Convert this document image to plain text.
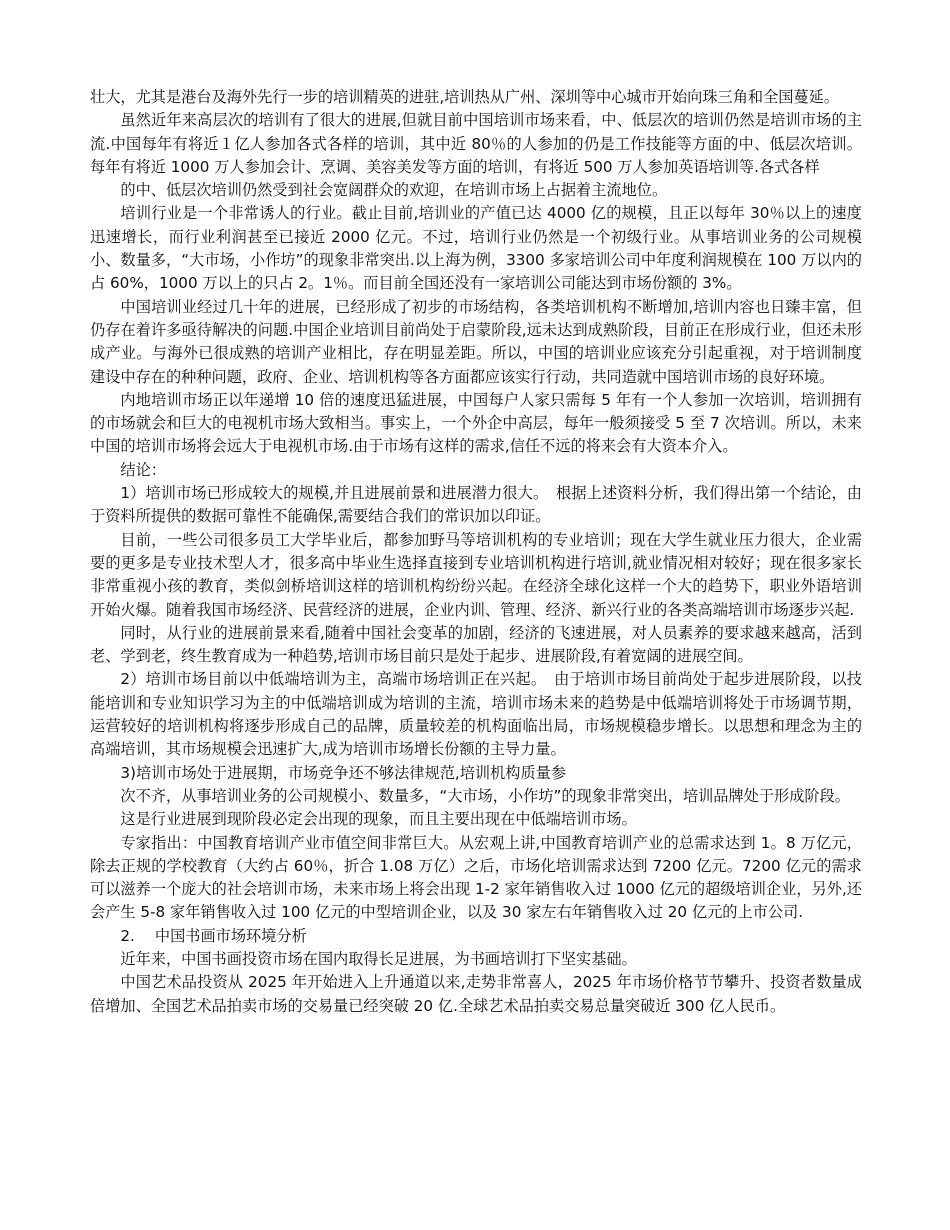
壮大，尤其是港台及海外先行一步的培训精英的进驻,培训热从广州、深圳等中心城市开始向珠三角和全国蔓延。

虽然近年来高层次的培训有了很大的进展,但就目前中国培训市场来看，中、低层次的培训仍然是培训市场的主流.中国每年有将近１亿人参加各式各样的培训，其中近 80％的人参加的仍是工作技能等方面的中、低层次培训。每年有将近 1000 万人参加会计、烹调、美容美发等方面的培训，有将近 500 万人参加英语培训等.各式各样

的中、低层次培训仍然受到社会宽阔群众的欢迎，在培训市场上占据着主流地位。

培训行业是一个非常诱人的行业。截止目前,培训业的产值已达 4000 亿的规模，且正以每年 30％以上的速度迅速增长，而行业利润甚至已接近 2000 亿元。不过，培训行业仍然是一个初级行业。从事培训业务的公司规模小、数量多，“大市场，小作坊”的现象非常突出.以上海为例，3300 多家培训公司中年度利润规模在 100 万以内的占 60%，1000 万以上的只占 2。1％。而目前全国还没有一家培训公司能达到市场份额的 3%。

中国培训业经过几十年的进展，已经形成了初步的市场结构，各类培训机构不断增加,培训内容也日臻丰富，但仍存在着许多亟待解决的问题.中国企业培训目前尚处于启蒙阶段,远未达到成熟阶段，目前正在形成行业，但还未形成产业。与海外已很成熟的培训产业相比，存在明显差距。所以，中国的培训业应该充分引起重视，对于培训制度建设中存在的种种问题，政府、企业、培训机构等各方面都应该实行行动，共同造就中国培训市场的良好环境。

内地培训市场正以年递增 10 倍的速度迅猛进展，中国每户人家只需每 5 年有一个人参加一次培训，培训拥有的市场就会和巨大的电视机市场大致相当。事实上，一个外企中高层，每年一般须接受 5 至 7 次培训。所以，未来中国的培训市场将会远大于电视机市场.由于市场有这样的需求,信任不远的将来会有大资本介入。

结论：

1）培训市场已形成较大的规模,并且进展前景和进展潜力很大。　根据上述资料分析，我们得出第一个结论，由于资料所提供的数据可靠性不能确保,需要结合我们的常识加以印证。

目前，一些公司很多员工大学毕业后，都参加野马等培训机构的专业培训；现在大学生就业压力很大，企业需要的更多是专业技术型人才，很多高中毕业生选择直接到专业培训机构进行培训,就业情况相对较好；现在很多家长非常重视小孩的教育，类似剑桥培训这样的培训机构纷纷兴起。在经济全球化这样一个大的趋势下，职业外语培训开始火爆。随着我国市场经济、民营经济的进展，企业内训、管理、经济、新兴行业的各类高端培训市场逐步兴起.

同时，从行业的进展前景来看,随着中国社会变革的加剧，经济的飞速进展，对人员素养的要求越来越高，活到老、学到老，终生教育成为一种趋势,培训市场目前只是处于起步、进展阶段,有着宽阔的进展空间。

2）培训市场目前以中低端培训为主，高端市场培训正在兴起。　由于培训市场目前尚处于起步进展阶段，以技能培训和专业知识学习为主的中低端培训成为培训的主流，培训市场未来的趋势是中低端培训将处于市场调节期，运营较好的培训机构将逐步形成自己的品牌，质量较差的机构面临出局，市场规模稳步增长。以思想和理念为主的高端培训，其市场规模会迅速扩大,成为培训市场增长份额的主导力量。

3)培训市场处于进展期，市场竞争还不够法律规范,培训机构质量参

次不齐，从事培训业务的公司规模小、数量多，“大市场，小作坊”的现象非常突出，培训品牌处于形成阶段。

这是行业进展到现阶段必定会出现的现象，而且主要出现在中低端培训市场。

专家指出：中国教育培训产业市值空间非常巨大。从宏观上讲,中国教育培训产业的总需求达到 1。8 万亿元，除去正规的学校教育（大约占 60％，折合 1.08 万亿）之后，市场化培训需求达到 7200 亿元。7200 亿元的需求可以滋养一个庞大的社会培训市场，未来市场上将会出现 1-2 家年销售收入过 1000 亿元的超级培训企业，另外,还会产生 5-8 家年销售收入过 100 亿元的中型培训企业，以及 30 家左右年销售收入过 20 亿元的上市公司.

2.　 中国书画市场环境分析

近年来，中国书画投资市场在国内取得长足进展，为书画培训打下坚实基础。

中国艺术品投资从 2025 年开始进入上升通道以来,走势非常喜人，2025 年市场价格节节攀升、投资者数量成倍增加、全国艺术品拍卖市场的交易量已经突破 20 亿.全球艺术品拍卖交易总量突破近 300 亿人民币。
